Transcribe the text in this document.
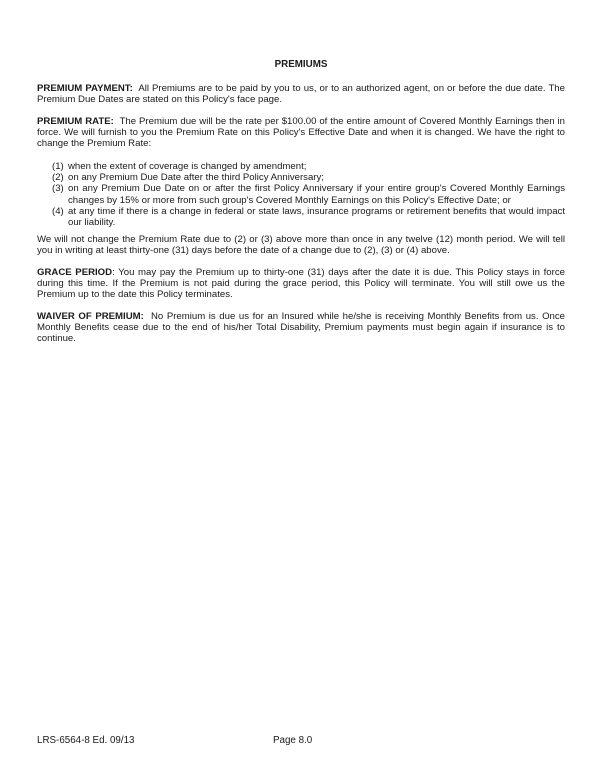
PREMIUMS

PREMIUM PAYMENT: All Premiums are to be paid by you to us, or to an authorized agent, on or before the due date. The Premium Due Dates are stated on this Policy's face page.

PREMIUM RATE: The Premium due will be the rate per $100.00 of the entire amount of Covered Monthly Earnings then in force. We will furnish to you the Premium Rate on this Policy's Effective Date and when it is changed. We have the right to change the Premium Rate:

(1) when the extent of coverage is changed by amendment;
(2) on any Premium Due Date after the third Policy Anniversary;
(3) on any Premium Due Date on or after the first Policy Anniversary if your entire group's Covered Monthly Earnings changes by 15% or more from such group's Covered Monthly Earnings on this Policy's Effective Date; or
(4) at any time if there is a change in federal or state laws, insurance programs or retirement benefits that would impact our liability.

We will not change the Premium Rate due to (2) or (3) above more than once in any twelve (12) month period. We will tell you in writing at least thirty-one (31) days before the date of a change due to (2), (3) or (4) above.

GRACE PERIOD: You may pay the Premium up to thirty-one (31) days after the date it is due. This Policy stays in force during this time. If the Premium is not paid during the grace period, this Policy will terminate. You will still owe us the Premium up to the date this Policy terminates.

WAIVER OF PREMIUM: No Premium is due us for an Insured while he/she is receiving Monthly Benefits from us. Once Monthly Benefits cease due to the end of his/her Total Disability, Premium payments must begin again if insurance is to continue.

LRS-6564-8 Ed. 09/13	Page 8.0
